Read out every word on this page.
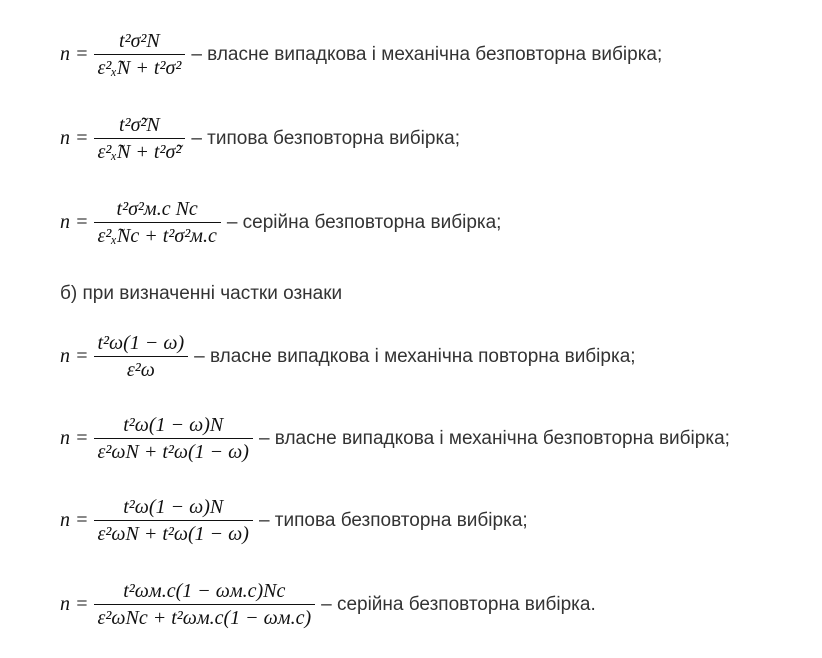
$n = \frac{\text{t²σ²N}}{\text{ε²ₓ̃N + t²σ²}}$ – власне випадкова і механічна безповторна вибірка;
$n = \frac{\text{t²σ̃²N}}{\text{ε²ₓ̃N + t²σ̃²}}$ – типова безповторна вибірка;
$n = \frac{\text{t²σ²м.с Nс}}{\text{ε²ₓ̃Nс + t²σ²м.с}}$ – серійна безповторна вибірка;
б) при визначенні частки ознаки
$n = \frac{\text{t²ω(1 − ω)}}{\text{ε²ω}}$ – власне випадкова і механічна повторна вибірка;
$n = \frac{\text{t²ω(1 − ω)N}}{\text{ε²ωN + t²ω(1 − ω)}}$ – власне випадкова і механічна безповторна вибірка;
$n = \frac{\text{t²ω(1 − ω)N}}{\text{ε²ωN + t²ω(1 − ω)}}$ – типова безповторна вибірка;
$n = \frac{\text{t²ωм.с(1 − ωм.с)Nс}}{\text{ε²ωNс + t²ωм.с(1 − ωм.с)}}$ – серійна безповторна вибірка.
